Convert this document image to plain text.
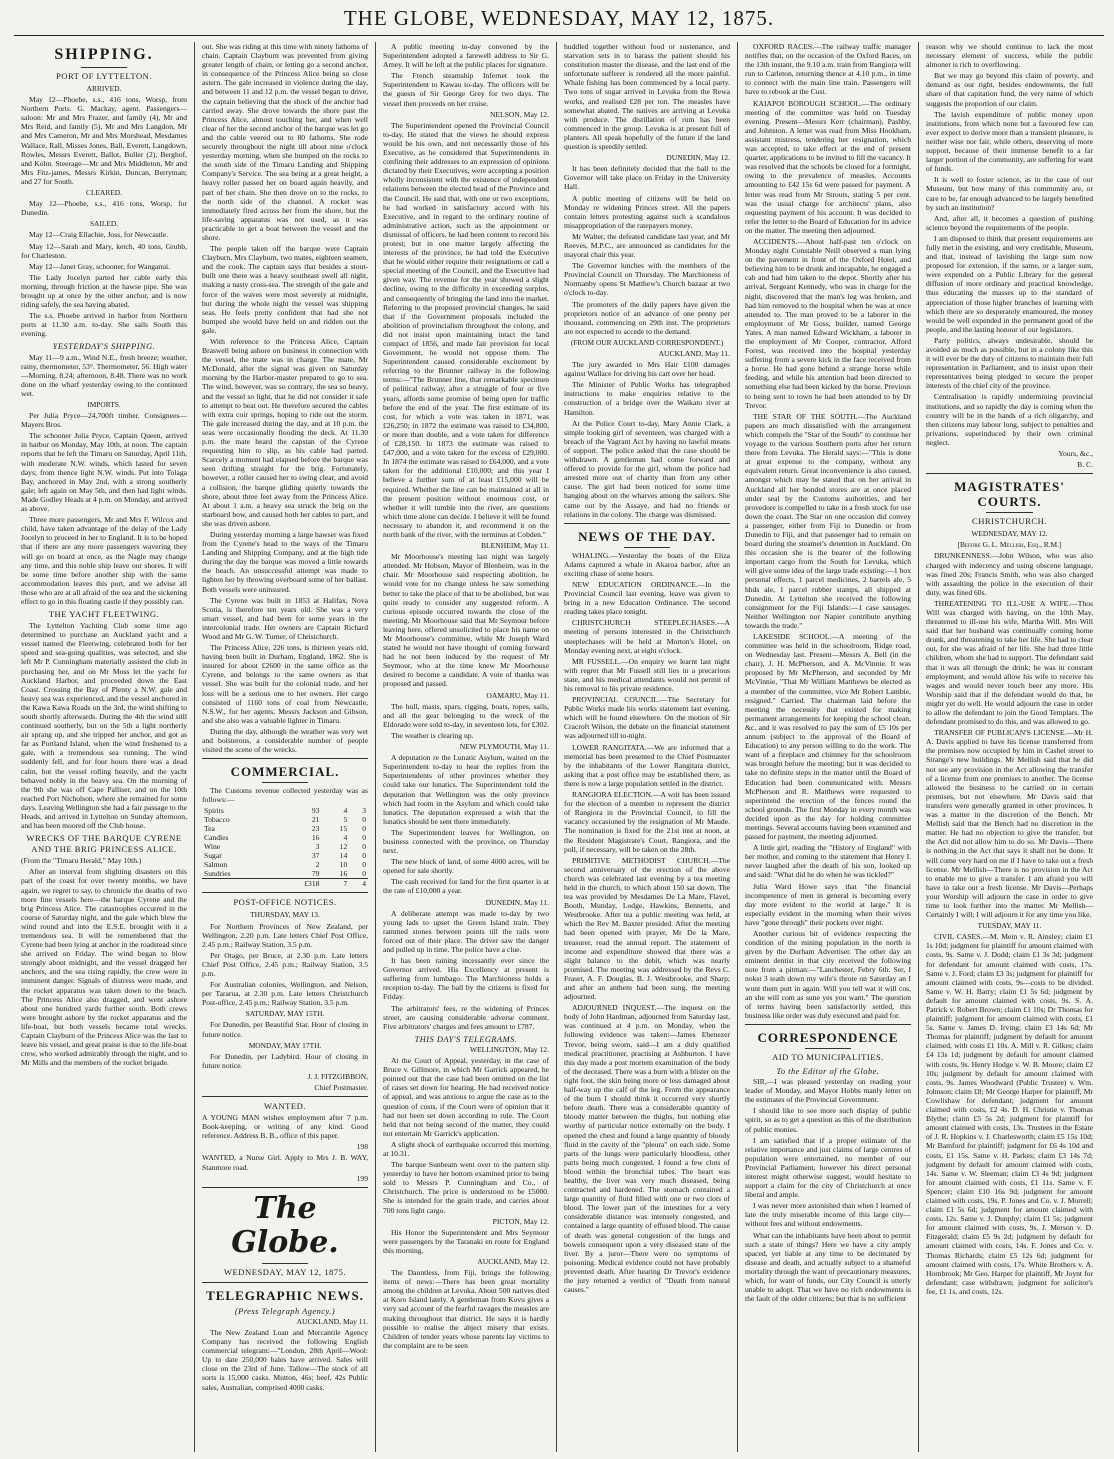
THE GLOBE, WEDNESDAY, MAY 12, 1875.
SHIPPING.
PORT OF LYTTELTON.
ARRIVED.

May 12—Phoebe, s.s., 416 tons, Worsp, from Northern Ports. G. Mackay, agent. Passengers—saloon: Mr and Mrs Frazer, and family (4), Mr and Mrs Reid, and family (5), Mr and Mrs Langdon, Mr and Mrs Cameron, Mr and Mrs Morshead, Mesdames Wallace, Rall, Misses Jones, Ball, Everett, Langdown, Rowles, Messrs Everett, Ballot, Buller (2), Berghof, and Kohn. Steerage—Mr and Mrs Middleton, Mr and Mrs Fitz-james, Messrs Kirkin, Duncan, Berryman; and 27 for South.

CLEARED.

May 12—Phoebe, s.s., 416 tons, Worsp, for Dunedin.

SAILED.

May 12—Craig Ellachie, Joss, for Newcastle.

May 12—Sarah and Mary, ketch, 40 tons, Grubb, for Charleston.

May 12—Janet Gray, schooner, for Wanganui.

The Lady Jocelyn parted her cable early this morning, through friction at the hawse pipe. She was brought up at once by the other anchor, and is now riding safely, the sea having abated.

The s.s. Phoebe arrived in harbor from Northern ports at 11.30 a.m. to-day. She sails South this evening.

YESTERDAY'S SHIPPING.

May 11—9 a.m., Wind N.E., fresh breeze; weather, rainy, thermometer, 53°. Thermometer, 56. High water—Morning, 8.24; afternoon, 8.48. There was no work done on the wharf yesterday owing to the continued wet.

IMPORTS.

Per Julia Pryce—24,700ft timber. Consignees—Mayers Bros.

The schooner Julia Pryce, Captain Queen, arrived in harbor on Monday, May 10th, at noon. The captain reports that he left the Timaru on Saturday, April 11th, with moderate N.W. winds, which lasted for seven days; from thence light N.W. winds. Put into Tolaga Bay, anchored in May 2nd, with a strong southerly gale; left again on May 5th, and then had light winds. Made Godley Heads at 4 p.m. on Monday, and arrived as above.

Three more passengers, Mr and Mrs F. Wilcox and child, have taken advantage of the delay of the Lady Jocelyn to proceed in her to England. It is to be hoped that if there are any more passengers wavering they will go on board at once, as the Nagle may change any time, and this noble ship leave our shores. It will be some time before another ship with the same accommodation leaves this port, and we advise all those who are at all afraid of the sea and the sickening effect to go in this floating castle if they possibly can.

THE YACHT FLEETWING.

The Lyttelton Yachting Club some time ago determined to purchase an Auckland yacht and a vessel named the Fleetwing, celebrated both for her speed and sea-going qualities, was selected, and she left Mr P. Cunningham materially assisted the club in purchasing her, and on Mr Moss let the yacht for Auckland Harbor, and proceeded down the East Coast. Crossing the Bay of Plenty a N.W. gale and heavy sea was experienced, and the vessel anchored in the Kawa Kawa Roads on the 3rd, the wind shifting to south shortly afterwards. During the 4th the wind still continued southerly, but on the 5th a light northerly air sprang up, and she tripped her anchor, and got as far as Portland Island, when the wind freshened to a gale, with a tremendous sea running. The wind suddenly fell, and for four hours there was a dead calm, but the vessel rolling heavily, and the yacht behaved nobly in the heavy sea. On the morning of the 9th she was off Cape Palliser, and on the 10th reached Port Nicholson, where she remained for some days. Leaving Wellington she had a fair passage to the Heads, and arrived in Lyttelton on Sunday afternoon, and has been moored off the Club house.

WRECKS OF THE BARQUE CYRENE AND THE BRIG PRINCESS ALICE.

(From the "Timaru Herald," May 10th.)

After an interval from slighting disasters on this part of the coast for over twenty months, we have again, we regret to say, to chronicle the deaths of two more fine vessels here—the barque Cyrene and the brig Princess Alice. The catastrophes occurred in the course of Saturday night, and the gale which blew the wind round and into the E.S.E. brought with it a tremendous sea. It will be remembered that the Cyrene had been lying at anchor in the roadstead since she arrived on Friday. The wind began to blow strongly about midnight, and the vessel dragged her anchors, and the sea rising rapidly, the crew were in imminent danger. Signals of distress were made, and the rocket apparatus was taken down to the beach. The Princess Alice also dragged, and went ashore about one hundred yards further south. Both crews were brought ashore by the rocket apparatus and the life-boat, but both vessels became total wrecks. Captain Clayburn of the Princess Alice was the last to leave his vessel, and great praise is due to the life-boat crew, who worked admirably through the night, and to Mr Mills and the members of the rocket brigade.

out. She was riding at this time with ninety fathoms of chain. Captain Clayburn was prevented from giving greater length of chain, or letting go a second anchor, in consequence of the Princess Alice being so close astern. The gale increased in violence during the day, and between 11 and 12 p.m. the vessel began to drive, the captain believing that the shock of the anchor had carried away. She drove towards the shore past the Princess Alice, almost touching her, and when well clear of her the second anchor of the barque was let go and the cable veered out to 80 fathoms. She rode securely throughout the night till about nine o'clock yesterday morning, when she bumped on the rocks to the south side of the Timaru Landing and Shipping Company's Service. The sea being at a great height, a heavy roller passed her on board again heavily, and part of her chain. She then drove on to the rocks, to the north side of the channel. A rocket was immediately fired across her from the shore, but the life-saving apparatus was not used, as it was practicable to get a boat between the vessel and the shore.

The people taken off the barque were Captain Clayburn, Mrs Clayburn, two mates, eighteen seamen, and the cook. The captain says that besides a stout-built one there was a heavy southeast swell all night, making a nasty cross-sea. The strength of the gale and force of the waves were most severely at midnight, but during the whole night the vessel was shipping seas. He feels pretty confident that had she not bumped she would have held on and ridden out the gale.

With reference to the Princess Alice, Captain Braswell being ashore on business in connection with the vessel, the mate was in charge. The mate, Mr McDonald, after the signal was given on Saturday morning by the Harbor-master prepared to go to sea. The wind, however, was so contrary, the sea so heavy, and the vessel so light, that he did not consider it safe to attempt to beat out. He therefore secured the cables with extra coir springs, hoping to ride out the storm. The gale increased during the day, and at 10 p.m. the seas were occasionally flooding the deck. At 11.30 p.m. the mate heard the capstan of the Cyrene requesting him to slip, as his cable had parted. Scarcely a moment had elapsed before the barque was seen drifting straight for the brig. Fortunately, however, a roller caused her to swing clear, and avoid a collision, the barque gliding quietly towards the shore, about three feet away from the Princess Alice. At about 1 a.m. a heavy sea struck the brig on the starboard bow, and caused both her cables to part, and she was driven ashore.

During yesterday morning a large hawser was fixed from the Cyrene's head to the ways of the Timaru Landing and Shipping Company, and at the high tide during the day the barque was moved a little towards the beach. An unsuccessful attempt was made to lighten her by throwing overboard some of her ballast. Both vessels were uninsured.

The Cyrene was built in 1853 at Halifax, Nova Scotia, is therefore ten years old. She was a very smart vessel, and had been for some years in the intercolonial trade. Her owners are Captain Richard Wood and Mr G. W. Turner, of Christchurch.

The Princess Alice, 226 tons, is thirteen years old, having been built in Durham, England, 1862. She is insured for about £2600 in the same office as the Cyrene, and belongs to the same owners as that vessel. She was built for the colonial trade, and her loss will be a serious one to her owners. Her cargo consisted of 1160 tons of coal from Newcastle, N.S.W., for her agents, Messrs Jackson and Gibson, and she also was a valuable lighter in Timaru.

During the day, although the weather was very wet and boisterous, a considerable number of people visited the scene of the wrecks.

COMMERCIAL.

The Customs revenue collected yesterday was as follows:—

Spirits	93	4	3
Tobacco	21	5	0
Tea	23	15	0
Candles	16	4	0
Wine	3	12	0
Sugar	37	14	0
Salmon	2	10	0
Sundries	79	16	0
	£318	7	4
POST-OFFICE NOTICES.
THURSDAY, MAY 13.

For Northern Provinces of New Zealand, per Wellington, 2.20 p.m. Late letters Chief Post Office, 2.45 p.m.; Railway Station, 3.5 p.m.

Per Otago, per Bruce, at 2.30 p.m. Late letters Chief Post Office, 2.45 p.m.; Railway Station, 3.5 p.m.

For Australian colonies, Wellington, and Nelson, per Tararua, at 2.30 p.m. Late letters Christchurch Post-office, 2.45 p.m.; Railway Station, 3.5 p.m.

SATURDAY, MAY 15TH.

For Dunedin, per Beautiful Star. Hour of closing in future notice.

MONDAY, MAY 17TH.

For Dunedin, per Ladybird. Hour of closing in future notice.

J. J. FITZGIBBON,

Chief Postmaster.

WANTED.

A YOUNG MAN wishes employment after 7 p.m. Book-keeping, or writing of any kind. Good reference. Address B. B., office of this paper.

198

WANTED, a Nurse Girl. Apply to Mrs J. B. WAY, Stanmore road.

199

The Globe.
WEDNESDAY, MAY 12, 1875.
TELEGRAPHIC NEWS.
(Press Telegraph Agency.)

AUCKLAND, May 11.

The New Zealand Loan and Mercantile Agency Company has received the following English commercial telegram:—"London, 28th April—Wool: Up to date 250,000 bales have arrived. Sales will close on the 23rd of June. Tallow—The stock of all sorts is 15,000 casks. Mutton, 46s; beef, 42s Public sales, Australian, comprised 4000 casks.

A public meeting to-day convened by the Superintendent adopted a farewell address to Sir G. Arney. It will be left at the public places for signature.

The French steamship Infernet took the Superintendent to Kawau to-day. The officers will be the guests of Sir George Grey for two days. The vessel then proceeds on her cruise.

NELSON, May 12.

The Superintendent opened the Provincial Council to-day. He stated that the views he should express would be his own, and not necessarily those of his Executive, as he considered that Superintendents in confining their addresses to an expression of opinions dictated by their Executives, were accepting a position wholly inconsistent with the existence of independent relations between the elected head of the Province and the Council. He said that, with one or two exceptions, he had worked in satisfactory accord with his Executive, and in regard to the ordinary routine of administrative action, such as the appointment or dismissal of officers, he had been content to record his protest; but in one matter largely affecting the interests of the province, he had told the Executive that he would either require their resignations or call a special meeting of the Council, and the Executive had given way. The revenue for the year showed a slight decline, owing to the difficulty in exceeding surplus, and consequently of bringing the land into the market. Referring to the proposed provincial changes, he said that if the Government proposals included the abolition of provincialism throughout the colony, and did not insist upon maintaining intact the land compact of 1856, and made fair provision for local Government, he would not oppose them. The Superintendent caused considerable excitement by referring to the Brunner railway in the following terms:—"The Brunner line, that remarkable specimen of political railway, after a struggle of four or five years, affords some promise of being open for traffic before the end of the year. The first estimate of its cost, for which a vote was taken in 1871, was £26,250; in 1872 the estimate was raised to £34,800, or more than double, and a vote taken for difference of £28,150. In 1873 the estimate was raised to £47,000, and a vote taken for the excess of £29,000. In 1874 the estimate was raised to £64,000, and a vote taken for the additional £10,000; and this year I believe a further sum of at least £15,000 will be required. Whether the line can be maintained at all in the present position without enormous cost, or whether it will tumble into the river, are questions which time alone can decide. I believe it will be found necessary to abandon it, and recommend it on the north bank of the river, with the terminus at Cobden."

BLENHEIM, May 11.

Mr Moorhouse's meeting last night was largely attended. Mr Hobson, Mayor of Blenheim, was in the chair. Mr Moorhouse said respecting abolition, he would vote for no change unless he saw something better to take the place of that to be abolished, but was quite ready to consider any suggested reform. A curious episode occurred towards the close of the meeting. Mr Moorhouse said that Mr Seymour before leaving here, offered unsolicited to place his name on Mr Moorhouse's committee, while Mr Joseph Ward stated he would not have thought of coming forward had he not been induced by the request of Mr Seymour, who at the time knew Mr Moorhouse desired to become a candidate. A vote of thanks was proposed and passed.

OAMARU, May 11.

The hull, masts, spars, rigging, boats, ropes, sails, and all the gear belonging to the wreck of the Eldorado were sold to-day, in seventeen lots, for £302.

The weather is clearing up.

NEW PLYMOUTH, May 11.

A deputation re the Lunatic Asylum, waited on the Superintendent to-day to hear the replies from the Superintendents of other provinces whether they could take our lunatics. The Superintendent told the deputation that Wellington was the only province which had room in the Asylum and which could take lunatics. The deputation expressed a wish that the lunatics should be sent there immediately.

The Superintendent leaves for Wellington, on business connected with the province, on Thursday next.

The new block of land, of some 4000 acres, will be opened for sale shortly.

The cash received for land for the first quarter is at the rate of £10,000 a year.

DUNEDIN, May 11.

A deliberate attempt was made to-day by two young lads to upset the Green Island train. They rammed stones between points till the rails were forced out of their place. The driver saw the danger and pulled up in time. The police have a clue.

It has been raining incessantly ever since the Governor arrived. His Excellency at present is suffering from lumbago. The Marchioness holds a reception to-day. The ball by the citizens is fixed for Friday.

The arbitrators' fees, re the widening of Princes street, are causing considerable adverse comment. Five arbitrators' charges and fees amount to £787.

THIS DAY'S TELEGRAMS.

WELLINGTON, May 12.

At the Court of Appeal, yesterday, in the case of Bruce v. Gillmore, in which Mr Garrick appeared, he pointed out that the case had been omitted on the list of cases set down for hearing. He had received notice of appeal, and was anxious to argue the case as to the question of costs, if the Court were of opinion that it had not been set down according to rule. The Court held that not being second of the matter, they could not entertain Mr Garrick's application.

A slight shock of earthquake occurred this morning at 10.31.

The barque Sunbeam went over to the pattern slip yesterday to have her bottom examined prior to being sold to Messrs P. Cunningham and Co., of Christchurch. The price is understood to be £5000. She is intended for the grain trade, and carries about 700 tons light cargo.

PICTON, May 12.

His Honor the Superintendent and Mrs Seymour were passengers by the Taranaki en route for England this morning.

AUCKLAND, May 12.

The Dauntless, from Fiji, brings the following items of news:—There has been great mortality among the children at Levuka. About 500 natives died at Koro Island lately. A gentleman from Kovu gives a very sad account of the fearful ravages the measles are making throughout that district. He says it is hardly possible to realise the abject misery that exists. Children of tender years whose parents lay victims to the complaint are to be seen

huddled together without food or sustenance, and starvation sets in to harass the patient should his constitution master the disease, and the last end of the unfortunate sufferer is rendered all the more painful. Whale fishing has been commenced by a local party. Two tons of sugar arrived in Levuka from the Rewa works, and realised £28 per ton. The measles have somewhat abated. The natives are arriving at Levuka with produce. The distillation of rum has been commenced in the group. Levuka is at present full of planters. All speak hopefully of the future if the land question is speedily settled.

DUNEDIN, May 12.

It has been definitely decided that the ball to the Governor will take place on Friday in the University Hall.

A public meeting of citizens will be held on Monday re widening Princes street. All the papers contain letters protesting against such a scandalous misappropriation of the ratepayers money.

Mr Walter, the defeated candidate last year, and Mr Reeves, M.P.C., are announced as candidates for the mayoral chair this year.

The Governor lunches with the members of the Provincial Council on Thursday. The Marchioness of Normanby opens St Matthew's Church bazaar at two o'clock to-day.

The promoters of the daily papers have given the proprietors notice of an advance of one penny per thousand, commencing on 29th inst. The proprietors are not expected to accede to the demand.

(FROM OUR AUCKLAND CORRESPONDENT.)

AUCKLAND, May 11.

The jury awarded to Mrs Hair £100 damages against Wallace for driving his cart over her head.

The Minister of Public Works has telegraphed instructions to make enquiries relative to the construction of a bridge over the Waikato river at Hamilton.

At the Police Court to-day, Mary Annie Clark, a simple looking girl of seventeen, was charged with a breach of the Vagrant Act by having no lawful means of support. The police asked that the case should be withdrawn. A gentleman had come forward and offered to provide for the girl, whom the police had arrested more out of charity than from any other cause. The girl had been noticed for some time hanging about on the wharves among the sailors. She came out by the Assaye, and had no friends or relations in the colony. The charge was dismissed.

NEWS OF THE DAY.

WHALING.—Yesterday the boats of the Eliza Adams captured a whale in Akaroa harbor, after an exciting chase of some hours.

NEW EDUCATION ORDINANCE.—In the Provincial Council last evening, leave was given to bring in a new Education Ordinance. The second reading takes place tonight.

CHRISTCHURCH STEEPLECHASES.—A meeting of persons interested in the Christchurch steeplechases will be held at Morton's Hotel, on Monday evening next, at eight o'clock.

MR FUSSELL.—On enquiry we learnt last night with regret that Mr Fussell still lies in a precarious state, and his medical attendants would not permit of his removal to his private residence.

PROVINCIAL COUNCIL.—The Secretary for Public Works made his works statement last evening, which will be found elsewhere. On the motion of Sir Cracroft Wilson, the debate on the financial statement was adjourned till to-night.

LOWER RANGITATA.—We are informed that a memorial has been presented to the Chief Postmaster by the inhabitants of the Lower Rangitata district, asking that a post office may be established there, as there is now a large population settled in the district.

RANGIORA ELECTION.—A writ has been issued for the election of a member to represent the district of Rangiora in the Provincial Council, to fill the vacancy occasioned by the resignation of Mr Maude. The nomination is fixed for the 21st inst at noon, at the Resident Magistrate's Court, Rangiora, and the poll, if necessary, will be taken on the 28th.

PRIMITIVE METHODIST CHURCH.—The second anniversary of the erection of the above church was celebrated last evening by a tea meeting held in the church, to which about 150 sat down. The tea was provided by Mesdames De La Mare, Flavel, Booth, Munday, Lodge, Hawkins, Bennetts, and Westbrooke. After tea a public meeting was held, at which the Rev M. Baxter presided. After the meeting had been opened with prayer, Mr De la Mare, treasurer, read the annual report. The statement of income and expenditure showed that there was a slight balance to the debit, which was nearly promised. The meeting was addressed by the Revs C. Fraser, A. F. Douglas, B. J. Westbrooke, and Sharp; and after an anthem had been sung, the meeting adjourned.

ADJOURNED INQUEST.—The inquest on the body of John Hardman, adjourned from Saturday last, was continued at 4 p.m. on Monday, when the following evidence was taken:—James Ebenezer Trevor, being sworn, said—I am a duly qualified medical practitioner, practising at Ashburton. I have this day made a post mortem examination of the body of the deceased. There was a burn with a blister on the right foot, the skin being more or less damaged about half-way up the calf of the leg. From the appearance of the burn I should think it occurred very shortly before death. There was a considerable quantity of bloody matter between the thighs, but nothing else worthy of particular notice externally on the body. I opened the chest and found a large quantity of bloody fluid in the cavity of the "pleura" on each side. Some parts of the lungs were particularly bloodless, other parts being much congested. I found a few clots of blood within the bronchial tubes. The heart was healthy, the liver was very much diseased, being contracted and hardened. The stomach contained a large quantity of fluid filled with one or two clots of blood. The lower part of the intestines for a very considerable distance was intensely congested, and contained a large quantity of effused blood. The cause of death was general congestion of the lungs and bowels consequent upon a very diseased state of the liver. By a juror—There were no symptoms of poisoning. Medical evidence could not have probably prevented death. After hearing Dr Trevor's evidence the jury returned a verdict of "Death from natural causes."

OXFORD RACES.—The railway traffic manager notifies that, on the occasion of the Oxford Races, on the 13th instant, the 9.10 a.m. train from Rangiora will run to Carleton, returning thence at 4.10 p.m., in time to connect with the main line train. Passengers will have to rebook at the Cust.

KAIAPOI BOROUGH SCHOOL.—The ordinary meeting of the committee was held on Tuesday evening. Present—Messrs Kerr (chairman), Pashby, and Johnston. A letter was read from Miss Hookham, assistant mistress, tendering her resignation, which was accepted, to take effect at the end of present quarter, applications to be invited to fill the vacancy. It was resolved that the schools be closed for a fortnight, owing to the prevalence of measles. Accounts amounting to £42 15s 6d were passed for payment. A letter was read from Mr Strouts, stating 5 per cent. was the usual charge for architects' plans, also requesting payment of his account. It was decided to refer the letter to the Board of Education for its advice on the matter. The meeting then adjourned.

ACCIDENTS.—About half-past ten o'clock on Monday night Constable Neill observed a man lying on the pavement in front of the Oxford Hotel, and believing him to be drunk and incapable, he engaged a cab and had him taken to the depot. Shortly after his arrival, Sergeant Kennedy, who was in charge for the night, discovered that the man's leg was broken, and had him removed to the hospital when he was at once attended to. The man proved to be a laborer in the employment of Mr Goss, builder, named George Yates. A man named Edward Wickham, a laborer in the employment of Mr Cooper, contractor, Alford Forest, was received into the hospital yesterday suffering from a severe kick in the face received from a horse. He had gone behind a strange horse while feeding, and while his attention had been directed to something else had been kicked by the horse. Previous to being sent to town he had been attended to by Dr Trevor.

THE STAR OF THE SOUTH.—The Auckland papers are much dissatisfied with the arrangement which compels the "Star of the South" to continue her voyage to the various Southern ports after her return there from Levuka. The Herald says:—"This is done at great expense to the company, without any equivalent return. Great inconvenience is also caused, amongst which may be stated that on her arrival in Auckland all her bonded stores are at once placed under seal by the Customs authorities, and her provedore is compelled to take in a fresh stock for use down the coast. The Star on one occasion did convey a passenger, either from Fiji to Dunedin or from Dunedin to Fiji, and that passenger had to remain on board during the steamer's detention in Auckland. On this occasion she is the bearer of the following important cargo from the South for Levuka, which will give some idea of the large trade existing:—1 box personal effects, 1 parcel medicines, 2 barrels ale, 5 hhds ale, 1 parcel rubber stamps, all shipped at Dunedin. At Lyttelton she received the following consignment for the Fiji Islands:—1 case sausages. Neither Wellington nor Napier contribute anything towards the trade."

LAKESIDE SCHOOL.—A meeting of the committee was held in the schoolroom, Ridge road, on Wednesday last. Present—Messrs A. Bell (in the chair), J. H. McPherson, and A. McVinnie. It was proposed by Mr McPherson, and seconded by Mr McVinnie, "That Mr William Matthews be elected as a member of the committee, vice Mr Robert Lambie, resigned." Carried. The chairman laid before the meeting the necessity that existed for making permanent arrangements for keeping the school clean, &c, and it was resolved to pay the sum of £5 10s per annum (subject to the approval of the Board of Education) to any person willing to do the work. The want of a fireplace and chimney for the schoolroom was brought before the meeting; but it was decided to take no definite steps in the matter until the Board of Education had been communicated with. Messrs McPherson and R. Matthews were requested to superintend the erection of the fences round the school grounds. The first Monday in every month was decided upon as the day for holding committee meetings. Several accounts having been examined and passed for payment, the meeting adjourned.

A little girl, reading the "History of England" with her mother, and coming to the statement that Henry I. never laughed after the death of his son, looked up and said: "What did he do when he was tickled?"

Julia Ward Howe says that "the financial incompetence of men in general is becoming every day more evident to the world at large." It is especially evident in the morning when their wives have "gone through" their pockets over night.

Another curious bit of evidence respecting the condition of the mining population in the north is given by the Durham Advertiser. The other day an eminent dentist in that city received the following note from a pitman:—"Lanchester, Febry 6th. Ser, I nokst 3 teath down my wife's throte on Saturday an I wunt them putt in again. Will you tell wat it will cos, an she will com as sune yes you want." The question of terms having been satisfactorily settled, this business like order was duly executed and paid for.

CORRESPONDENCE
AID TO MUNICIPALITIES.
To the Editor of the Globe.

SIR,—I was pleased yesterday on reading your leader of Monday, and Mayor Hobbs manly letter on the estimates of the Provincial Government.

I should like to see more such display of public spirit, so as to get a question as this of the distribution of public monies.

I am satisfied that if a proper estimate of the relative importance and just claims of large centres of population were entertained, no member of our Provincial Parliament, however his direct personal interest might otherwise suggest, would hesitate to support a claim for the city of Christchurch at once liberal and ample.

I was never more astonished than when I learned of late the truly miserable income of this large city—without fees and without endowments.

What can the inhabitants have been about to permit such a state of things? Here we have a city amply spaced, yet liable at any time to be decimated by disease and death, and actually subject to a shameful mortality through the want of precautionary measures, which, for want of funds, our City Council is utterly unable to adopt. That we have no rich endowments is the fault of the older citizens; but that is no sufficient

reason why we should continue to lack the most necessary element of success, while the public almoner is rich to overflowing.

But we may go beyond this claim of poverty, and demand as our right, besides endowments, the full share of that capitation fund, the very name of which suggests the proportion of our claim.

The lavish expenditure of public money upon institutions, from which none but a favoured few can ever expect to derive more than a transient pleasure, is neither wise nor fair, while others, deserving of more support, because of their immense benefit to a far larger portion of the community, are suffering for want of funds.

It is well to foster science, as in the case of our Museum, but how many of this community are, or care to be, far enough advanced to be largely benefited by such an institution?

And, after all, it becomes a question of pushing science beyond the requirements of the people.

I am disposed to think that present requirements are fully met in the existing, and very creditable, Museum, and that, instead of lavishing the large sum now proposed for extension, if the same, or a larger sum, were expended on a Public Library for the general diffusion of more ordinary and practical knowledge, thus educating the masses up to the standard of appreciation of those higher branches of learning with which there are so desperately enamoured, the money would be well expended in the permanent good of the people, and the lasting honour of our legislators.

Party politics, always undesirable, should be avoided as much as possible, but in a colony like this it will ever be the duty of citizens to maintain their full representation in Parliament, and to insist upon their representatives being pledged to secure the proper interests of the chief city of the province.

Centralisation is rapidly undermining provincial institutions, and so rapidly the day is coming when the country will be in the hands of a rich oligarchy, and then citizens may labour long, subject to penalties and privations, superinduced by their own criminal neglect.

Yours, &c.,

B. C.

MAGISTRATES' COURTS.
CHRISTCHURCH.
WEDNESDAY, MAY 12.
[Before G. L. Mellish, Esq., R.M.]

DRUNKENNESS.—John Wilson, who was also charged with indecency and using obscene language, was fined 20s; Francis Smith, who was also charged with assaulting the police in the execution of their duty, was fined 60s.

THREATENING TO ILL-USE A WIFE.—Thos Will was charged with having, on the 10th May, threatened to ill-use his wife, Martha Will. Mrs Will said that her husband was continually coming home drunk, and threatening to take her life. She had to clear out, for she was afraid of her life. She had three little children, whom she had to support. The defendant said that it was all through the drink; he was in constant employment, and would allow his wife to receive his wages and would never touch beer any more. His Worship said that if the defendant would do that, he might yet do well. He would adjourn the case in order to allow the defendant to join the Good Templars. The defendant promised to do this, and was allowed to go.

TRANSFER OF PUBLICAN'S LICENSE.—Mr H. A. Davis applied to have his license transferred from the premises now occupied by him in Cashel street to Strange's new buildings. Mr Mellish said that he did not see any provision in the Act allowing the transfer of a license from one premises to another. The license allowed the business to be carried on in certain premises, but not elsewhere. Mr Davis said that transfers were generally granted in other provinces. It was a matter in the discretion of the Bench. Mr Mellish said that the Bench had no discretion in the matter. He had no objection to give the transfer, but the Act did not allow him to do so. Mr Davis—There is nothing in the Act that says it shall not be done. It will come very hard on me if I have to take out a fresh license. Mr Mellish—There is no provision in the Act to enable me to give a transfer. I am afraid you will have to take out a fresh license. Mr Davis—Perhaps your Worship will adjourn the case in order to give time to look further into the matter. Mr Mellish—Certainly I will; I will adjourn it for any time you like.

TUESDAY, MAY 11.

CIVIL CASES.—M. Mein v. R. Ainsley; claim £1 1s 10d; judgment for plaintiff for amount claimed with costs, 9s. Same v. J. Dodd; claim £1 3s 3d; judgment for defendant for amount claimed with costs, 17s. Same v. J. Ford; claim £3 3s; judgment for plaintiff for amount claimed with costs, 9s—costs to be divided. Same v. W. H. Barry; claim £1 5s 6d; judgment by default for amount claimed with costs, 9s. S. A. Patrick v. Robert Brown; claim £1 10s; Dr Thomas for plaintiff; judgment for amount claimed with costs, £1 5s. Same v. James D. Irving; claim £3 14s 6d; Mr Thomas for plaintiff; judgment by default for amount claimed, with costs £1 10s. A. Mill v. R. Gilkes; claim £4 13s 1d; judgment by default for amount claimed with costs, 9s. Henry Hodge v. W. B. Moore; claim £2 10s; judgment by default for amount claimed with costs, 9s. James Woodward (Public Trustee) v. Wm. Johnson; claim £8; Mr George Harper for plaintiff, Mr Cowlishaw for defendant; judgment for amount claimed with costs, £2 4s. D. H. Christie v. Thomas Blythe; claim £5 5s 2d; judgment for plaintiff for amount claimed with costs, 13s. Trustees in the Estate of J. R. Hopkins v. J. Charlesworth; claim £5 15s 10d; Mr Bamford for plaintiff; judgment for £6 4s 10d and costs, £1 15s. Same v. H. Parkes; claim £3 14s 7d; judgment by default for amount claimed with costs, 14s. Same v. W. Sleeman; claim £3 4s 9d; judgment for amount claimed with costs, £1 11s. Same v. F. Spencer; claim £10 16s 9d; judgment for amount claimed with costs, 19s. P. Jones and Co. v. J. Morrell; claim £1 5s 6d; judgment for amount claimed with costs, 12s. Same v. J. Dunphy; claim £1 5s; judgment for amount claimed with costs, 9s. J. Merson v. D. Fitzgerald; claim £5 9s 2d; judgment by default for amount claimed with costs, 14s. F. Jones and Co. v. Thomas Richards; claim £5 12s 6d; judgment for amount claimed with costs, 17s. White Brothers v. A. Hornbrook; Mr Geo. Harper for plaintiff, Mr Joynt for defendant; case withdrawn; judgment for solicitor's fee, £1 1s, and costs, 12s.
